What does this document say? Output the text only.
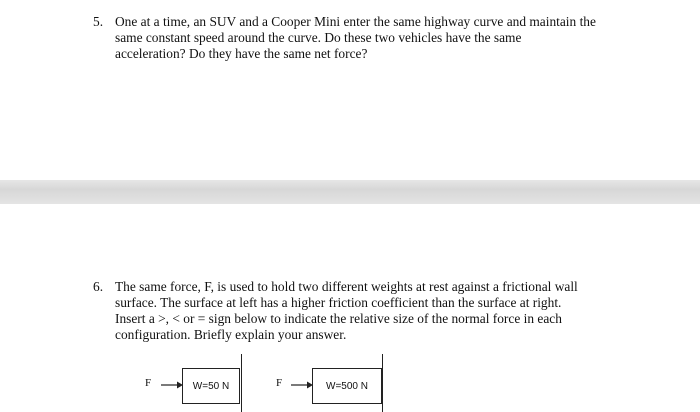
5. One at a time, an SUV and a Cooper Mini enter the same highway curve and maintain the
same constant speed around the curve. Do these two vehicles have the same
acceleration? Do they have the same net force?
6. The same force, F, is used to hold two different weights at rest against a frictional wall
surface. The surface at left has a higher friction coefficient than the surface at right.
Insert a >, < or = sign below to indicate the relative size of the normal force in each
configuration. Briefly explain your answer.
F	W=50 N	F	W=500 N
